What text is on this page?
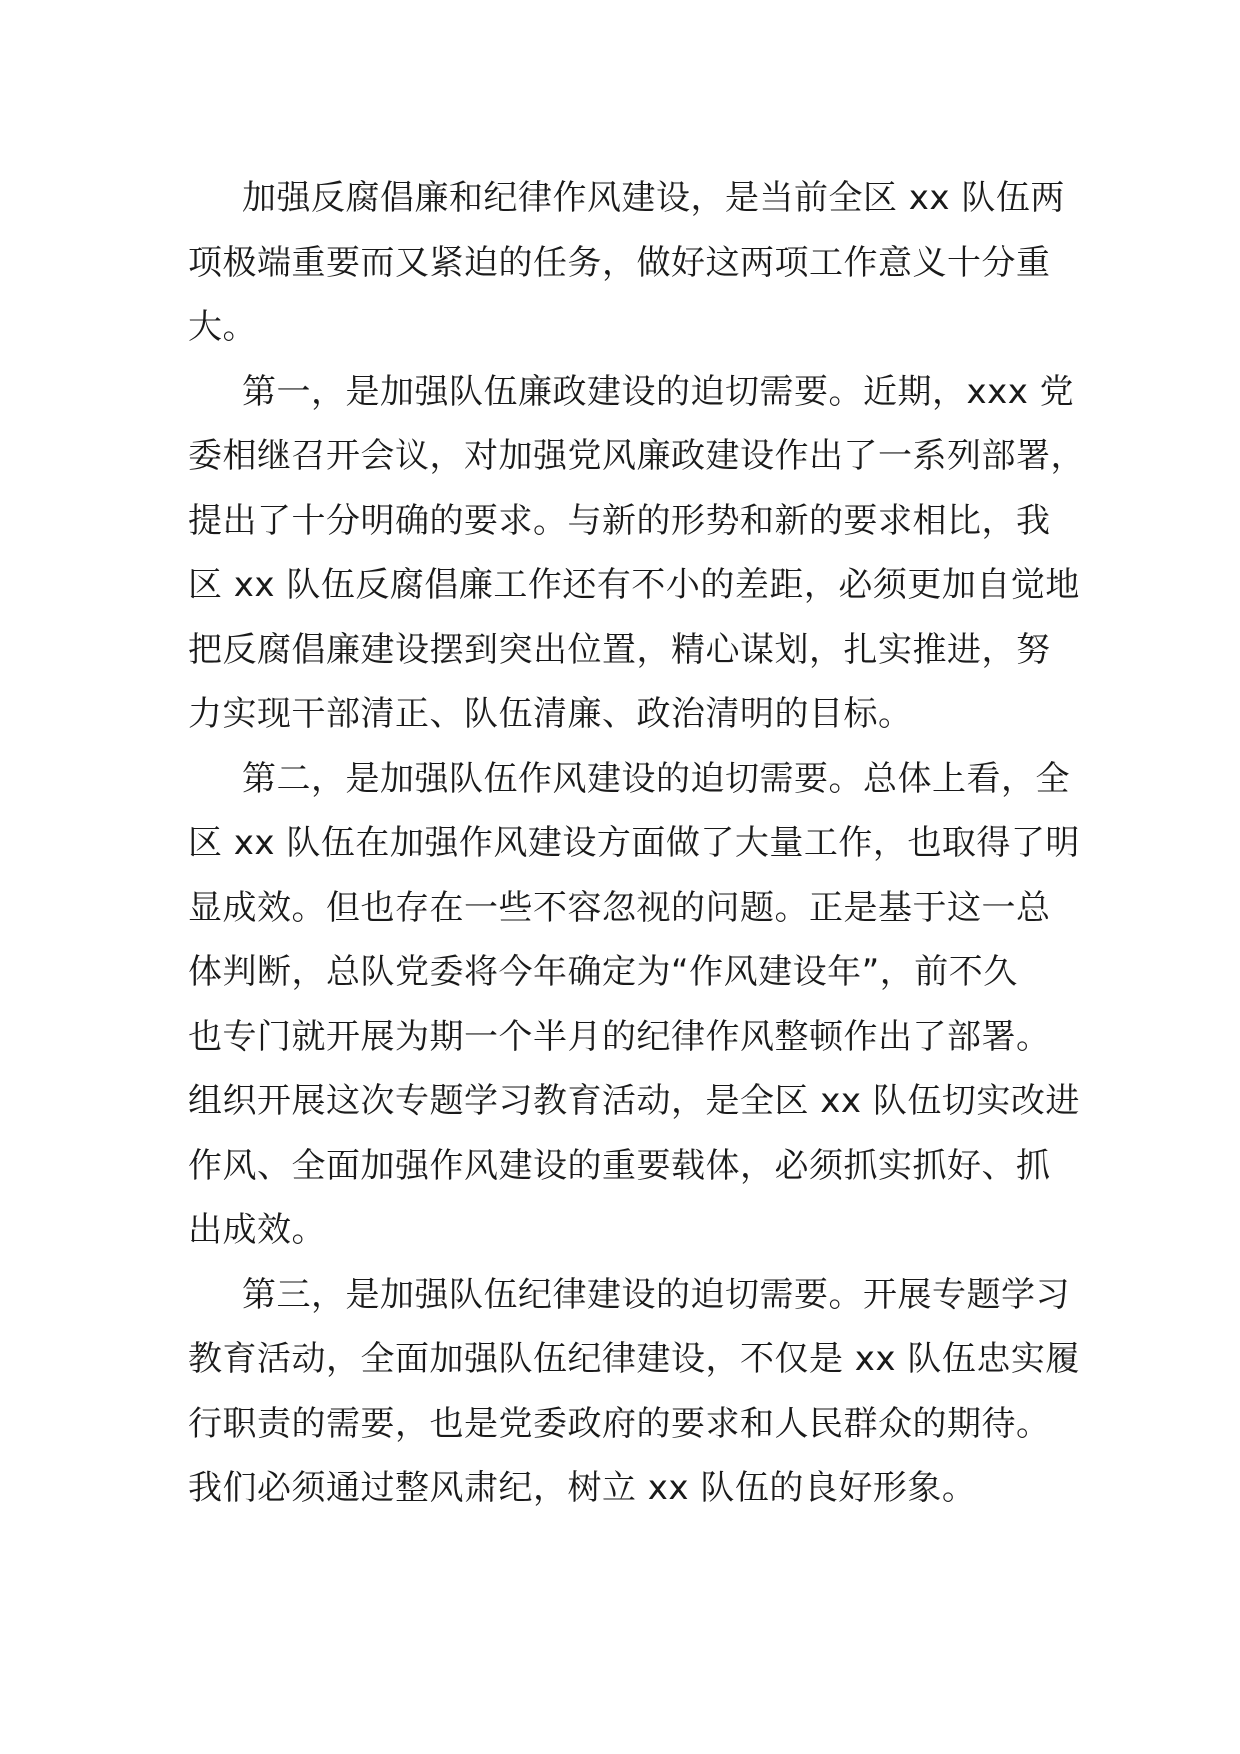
加强反腐倡廉和纪律作风建设，是当前全区 xx 队伍两
项极端重要而又紧迫的任务，做好这两项工作意义十分重
大。

第一，是加强队伍廉政建设的迫切需要。近期，xxx 党
委相继召开会议，对加强党风廉政建设作出了一系列部署，
提出了十分明确的要求。与新的形势和新的要求相比，我
区 xx 队伍反腐倡廉工作还有不小的差距，必须更加自觉地
把反腐倡廉建设摆到突出位置，精心谋划，扎实推进，努
力实现干部清正、队伍清廉、政治清明的目标。

第二，是加强队伍作风建设的迫切需要。总体上看，全
区 xx 队伍在加强作风建设方面做了大量工作，也取得了明
显成效。但也存在一些不容忽视的问题。正是基于这一总
体判断，总队党委将今年确定为“作风建设年”，前不久
也专门就开展为期一个半月的纪律作风整顿作出了部署。
组织开展这次专题学习教育活动，是全区 xx 队伍切实改进
作风、全面加强作风建设的重要载体，必须抓实抓好、抓
出成效。

第三，是加强队伍纪律建设的迫切需要。开展专题学习
教育活动，全面加强队伍纪律建设，不仅是 xx 队伍忠实履
行职责的需要，也是党委政府的要求和人民群众的期待。
我们必须通过整风肃纪，树立 xx 队伍的良好形象。
